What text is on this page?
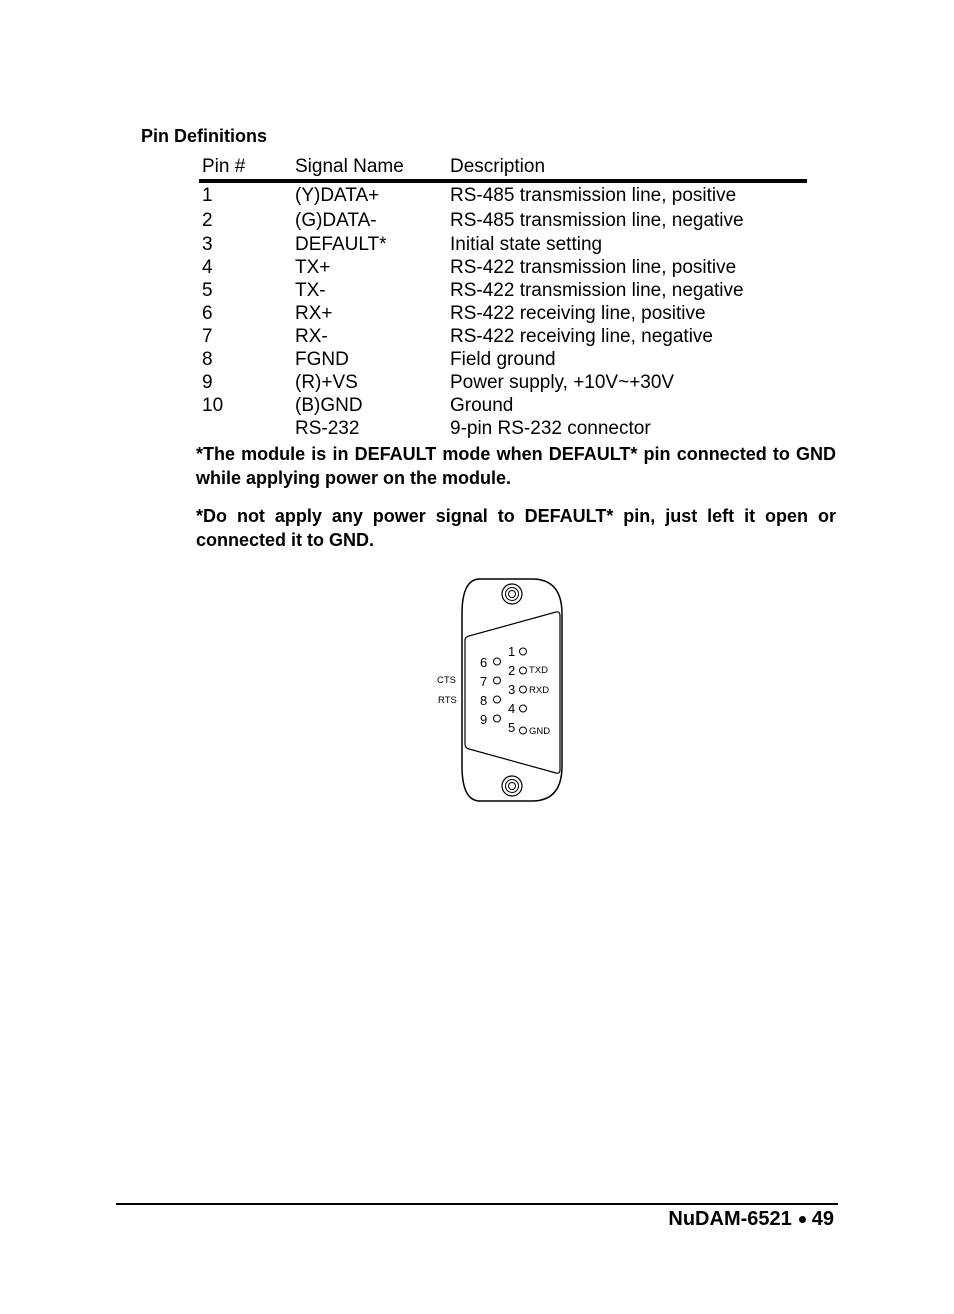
Pin Definitions
Pin #	Signal Name	Description
1	(Y)DATA+	RS-485 transmission line, positive
2	(G)DATA-	RS-485 transmission line, negative
3	DEFAULT*	Initial state setting
4	TX+	RS-422 transmission line, positive
5	TX-	RS-422 transmission line, negative
6	RX+	RS-422 receiving line, positive
7	RX-	RS-422 receiving line, negative
8	FGND	Field ground
9	(R)+VS	Power supply, +10V~+30V
10	(B)GND	Ground
	RS-232	9-pin RS-232 connector

*The module is in DEFAULT mode when DEFAULT* pin connected to GND while applying power on the module.

*Do not apply any power signal to DEFAULT* pin, just left it open or connected it to GND.

1
2 TXD
3 RXD
4
5 GND
6
7
CTS
8
RTS
9
NuDAM-6521 49
